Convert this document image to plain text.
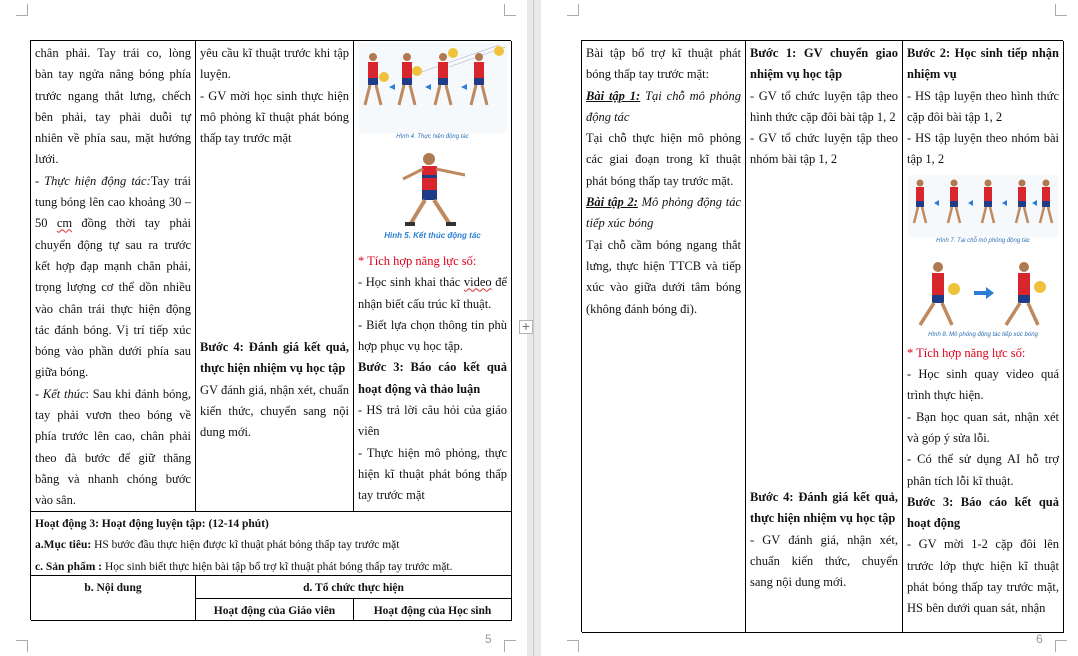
chân phải. Tay trái co, lòng bàn tay ngửa nâng bóng phía trước ngang thắt lưng, chếch bên phải, tay phải duỗi tự nhiên về phía sau, mặt hướng lưới.
- Thực hiện động tác:Tay trái tung bóng lên cao khoảng 30 – 50 cm đồng thời tay phải chuyển động tự sau ra trước kết hợp đạp mạnh chân phải, trọng lượng cơ thể dồn nhiều vào chân trái thực hiện động tác đánh bóng. Vị trí tiếp xúc bóng vào phần dưới phía sau giữa bóng.
- Kết thúc: Sau khi đánh bóng, tay phải vươn theo bóng về phía trước lên cao, chân phải theo đà bước để giữ thăng bằng và nhanh chóng bước vào sân.
yêu cầu kĩ thuật trước khi tập luyện.
- GV mời học sinh thực hiện mô phỏng kĩ thuật phát bóng thấp tay trước mặt
Bước 4: Đánh giá kết quả, thực hiện nhiệm vụ học tập
GV đánh giá, nhận xét, chuẩn kiến thức, chuyển sang nội dung mới.
Hình 4. Thực hiện động tác
Hình 5. Kết thúc động tác
* Tích hợp năng lực số:
- Học sinh khai thác video để nhận biết cấu trúc kĩ thuật.
- Biết lựa chọn thông tin phù hợp phục vụ học tập.
Bước 3: Báo cáo kết quả hoạt động và thảo luận
- HS trả lời câu hỏi của giáo viên
- Thực hiện mô phỏng, thực hiện kĩ thuật phát bóng thấp tay trước mặt
Hoạt động 3: Hoạt động luyện tập: (12-14 phút)
a.Mục tiêu: HS bước đầu thực hiện được kĩ thuật phát bóng thấp tay trước mặt
c. Sản phẩm : Học sinh biết thực hiện bài tập bổ trợ kĩ thuật phát bóng thấp tay trước mặt.
b. Nội dung	d. Tổ chức thực hiện
Hoạt động của Giáo viên	Hoạt động của Học sinh
5
+
Bài tập bổ trợ kĩ thuật phát bóng thấp tay trước mặt:
Bài tập 1: Tại chỗ mô phỏng động tác
Tại chỗ thực hiện mô phỏng các giai đoạn trong kĩ thuật phát bóng thấp tay trước mặt.
Bài tập 2: Mô phỏng động tác tiếp xúc bóng
Tại chỗ cầm bóng ngang thắt lưng, thực hiện TTCB và tiếp xúc vào giữa dưới tâm bóng (không đánh bóng đi).
Bước 1: GV chuyển giao nhiệm vụ học tập
- GV tổ chức luyện tập theo hình thức cặp đôi bài tập 1, 2
- GV tổ chức luyện tập theo nhóm bài tập 1, 2
Bước 4: Đánh giá kết quả, thực hiện nhiệm vụ học tập
- GV đánh giá, nhận xét, chuẩn kiến thức, chuyển sang nội dung mới.
Bước 2: Học sinh tiếp nhận nhiệm vụ
- HS tập luyện theo hình thức cặp đôi bài tập 1, 2
- HS tập luyện theo nhóm bài tập 1, 2
Hình 7. Tại chỗ mô phỏng động tác
Hình 8. Mô phỏng động tác tiếp xúc bóng
* Tích hợp năng lực số:
- Học sinh quay video quá trình thực hiện.
- Bạn học quan sát, nhận xét và góp ý sửa lỗi.
- Có thể sử dụng AI hỗ trợ phân tích lỗi kĩ thuật.
Bước 3: Báo cáo kết quả hoạt động
- GV mời 1-2 cặp đôi lên trước lớp thực hiện kĩ thuật phát bóng thấp tay trước mặt, HS bên dưới quan sát, nhận
6
